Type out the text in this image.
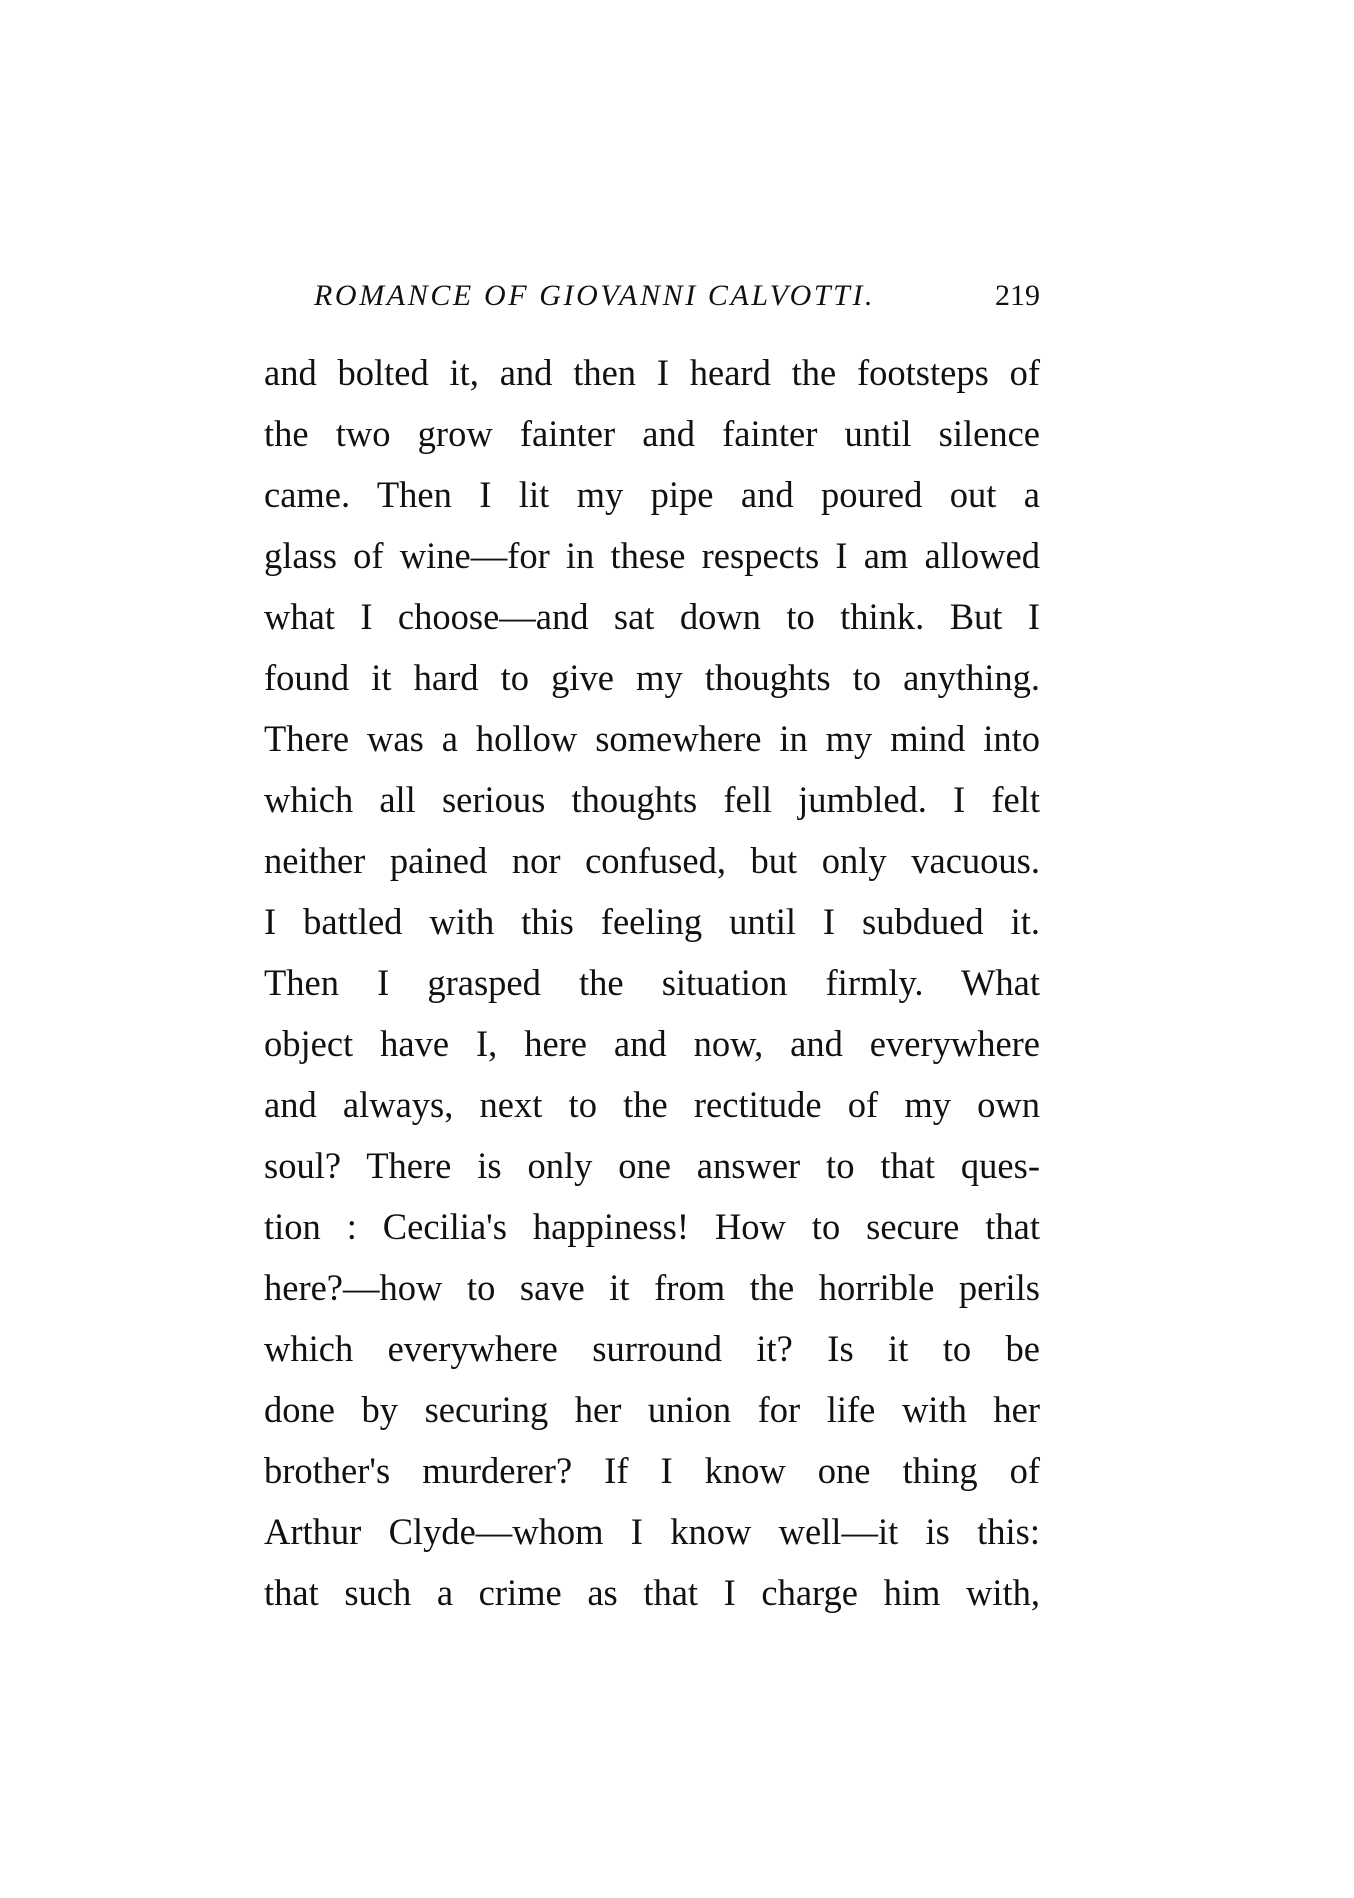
ROMANCE OF GIOVANNI CALVOTTI.	219
and bolted it, and then I heard the footsteps of
the two grow fainter and fainter until silence
came. Then I lit my pipe and poured out a
glass of wine—for in these respects I am allowed
what I choose—and sat down to think. But I
found it hard to give my thoughts to anything.
There was a hollow somewhere in my mind into
which all serious thoughts fell jumbled. I felt
neither pained nor confused, but only vacuous.
I battled with this feeling until I subdued it.
Then I grasped the situation firmly. What
object have I, here and now, and everywhere
and always, next to the rectitude of my own
soul? There is only one answer to that ques-
tion : Cecilia's happiness! How to secure that
here?—how to save it from the horrible perils
which everywhere surround it? Is it to be
done by securing her union for life with her
brother's murderer? If I know one thing of
Arthur Clyde—whom I know well—it is this:
that such a crime as that I charge him with,
